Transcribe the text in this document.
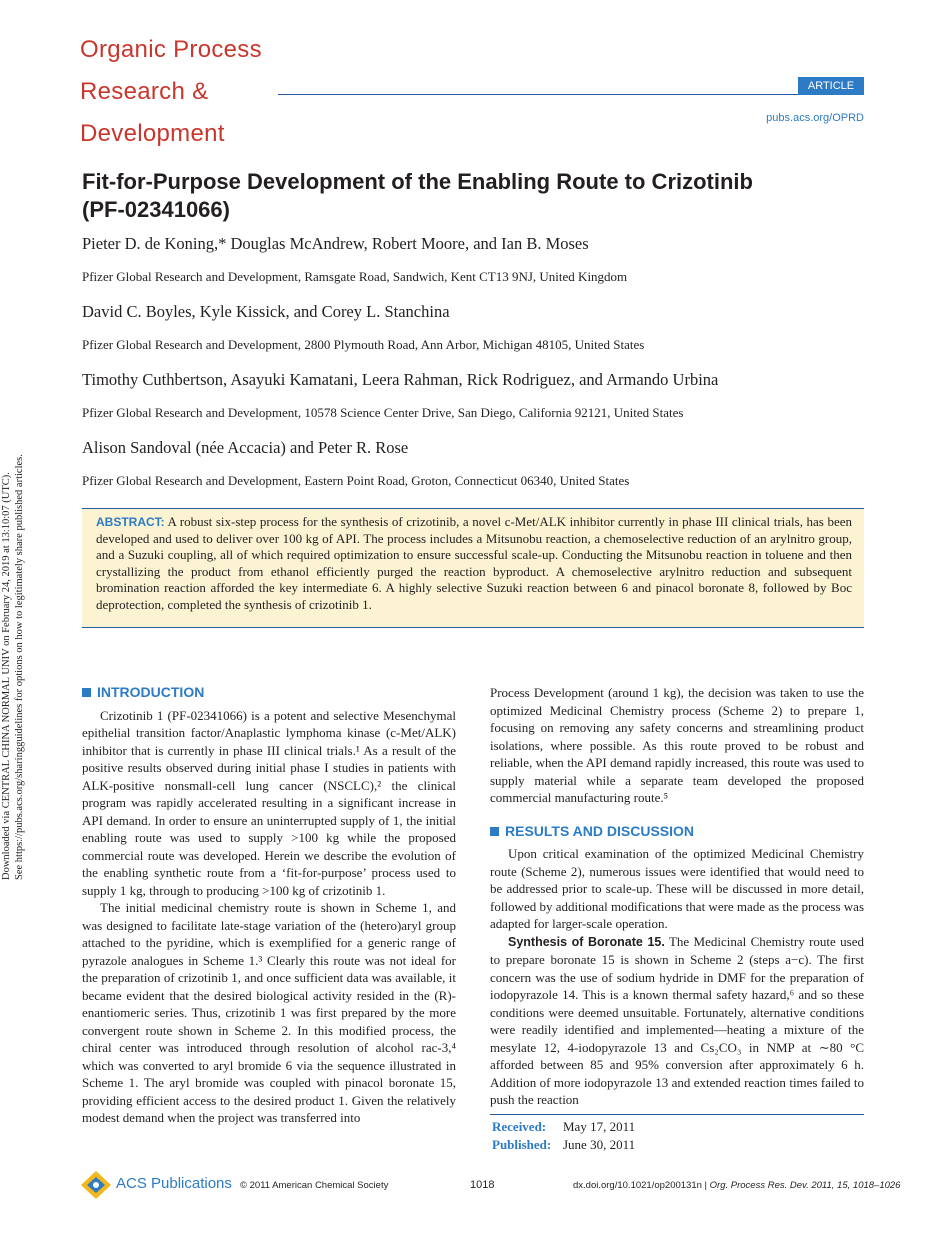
Downloaded via CENTRAL CHINA NORMAL UNIV on February 24, 2019 at 13:10:07 (UTC). See https://pubs.acs.org/sharingguidelines for options on how to legitimately share published articles.
Organic Process
Research &
Development
ARTICLE
pubs.acs.org/OPRD
Fit-for-Purpose Development of the Enabling Route to Crizotinib
(PF-02341066)
Pieter D. de Koning,* Douglas McAndrew, Robert Moore, and Ian B. Moses
Pfizer Global Research and Development, Ramsgate Road, Sandwich, Kent CT13 9NJ, United Kingdom
David C. Boyles, Kyle Kissick, and Corey L. Stanchina
Pfizer Global Research and Development, 2800 Plymouth Road, Ann Arbor, Michigan 48105, United States
Timothy Cuthbertson, Asayuki Kamatani, Leera Rahman, Rick Rodriguez, and Armando Urbina
Pfizer Global Research and Development, 10578 Science Center Drive, San Diego, California 92121, United States
Alison Sandoval (née Accacia) and Peter R. Rose
Pfizer Global Research and Development, Eastern Point Road, Groton, Connecticut 06340, United States
ABSTRACT: A robust six-step process for the synthesis of crizotinib, a novel c-Met/ALK inhibitor currently in phase III clinical trials, has been developed and used to deliver over 100 kg of API. The process includes a Mitsunobu reaction, a chemoselective reduction of an arylnitro group, and a Suzuki coupling, all of which required optimization to ensure successful scale-up. Conducting the Mitsunobu reaction in toluene and then crystallizing the product from ethanol efficiently purged the reaction byproduct. A chemoselective arylnitro reduction and subsequent bromination reaction afforded the key intermediate 6. A highly selective Suzuki reaction between 6 and pinacol boronate 8, followed by Boc deprotection, completed the synthesis of crizotinib 1.
INTRODUCTION

Crizotinib 1 (PF-02341066) is a potent and selective Mesenchymal epithelial transition factor/Anaplastic lymphoma kinase (c-Met/ALK) inhibitor that is currently in phase III clinical trials.¹ As a result of the positive results observed during initial phase I studies in patients with ALK-positive nonsmall-cell lung cancer (NSCLC),² the clinical program was rapidly accelerated resulting in a significant increase in API demand. In order to ensure an uninterrupted supply of 1, the initial enabling route was used to supply >100 kg while the proposed commercial route was developed. Herein we describe the evolution of the enabling synthetic route from a ‘fit-for-purpose’ process used to supply 1 kg, through to producing >100 kg of crizotinib 1.

The initial medicinal chemistry route is shown in Scheme 1, and was designed to facilitate late-stage variation of the (hetero)aryl group attached to the pyridine, which is exemplified for a generic range of pyrazole analogues in Scheme 1.³ Clearly this route was not ideal for the preparation of crizotinib 1, and once sufficient data was available, it became evident that the desired biological activity resided in the (R)-enantiomeric series. Thus, crizotinib 1 was first prepared by the more convergent route shown in Scheme 2. In this modified process, the chiral center was introduced through resolution of alcohol rac-3,⁴ which was converted to aryl bromide 6 via the sequence illustrated in Scheme 1. The aryl bromide was coupled with pinacol boronate 15, providing efficient access to the desired product 1. Given the relatively modest demand when the project was transferred into

Process Development (around 1 kg), the decision was taken to use the optimized Medicinal Chemistry process (Scheme 2) to prepare 1, focusing on removing any safety concerns and streamlining product isolations, where possible. As this route proved to be robust and reliable, when the API demand rapidly increased, this route was used to supply material while a separate team developed the proposed commercial manufacturing route.⁵

RESULTS AND DISCUSSION

Upon critical examination of the optimized Medicinal Chemistry route (Scheme 2), numerous issues were identified that would need to be addressed prior to scale-up. These will be discussed in more detail, followed by additional modifications that were made as the process was adapted for larger-scale operation.

Synthesis of Boronate 15. The Medicinal Chemistry route used to prepare boronate 15 is shown in Scheme 2 (steps a−c). The first concern was the use of sodium hydride in DMF for the preparation of iodopyrazole 14. This is a known thermal safety hazard,⁶ and so these conditions were deemed unsuitable. Fortunately, alternative conditions were readily identified and implemented—heating a mixture of the mesylate 12, 4-iodopyrazole 13 and Cs₂CO₃ in NMP at ∼80 °C afforded between 85 and 95% conversion after approximately 6 h. Addition of more iodopyrazole 13 and extended reaction times failed to push the reaction

Received: May 17, 2011
Published: June 30, 2011
ACS Publications © 2011 American Chemical Society	1018	dx.doi.org/10.1021/op200131n | Org. Process Res. Dev. 2011, 15, 1018–1026
